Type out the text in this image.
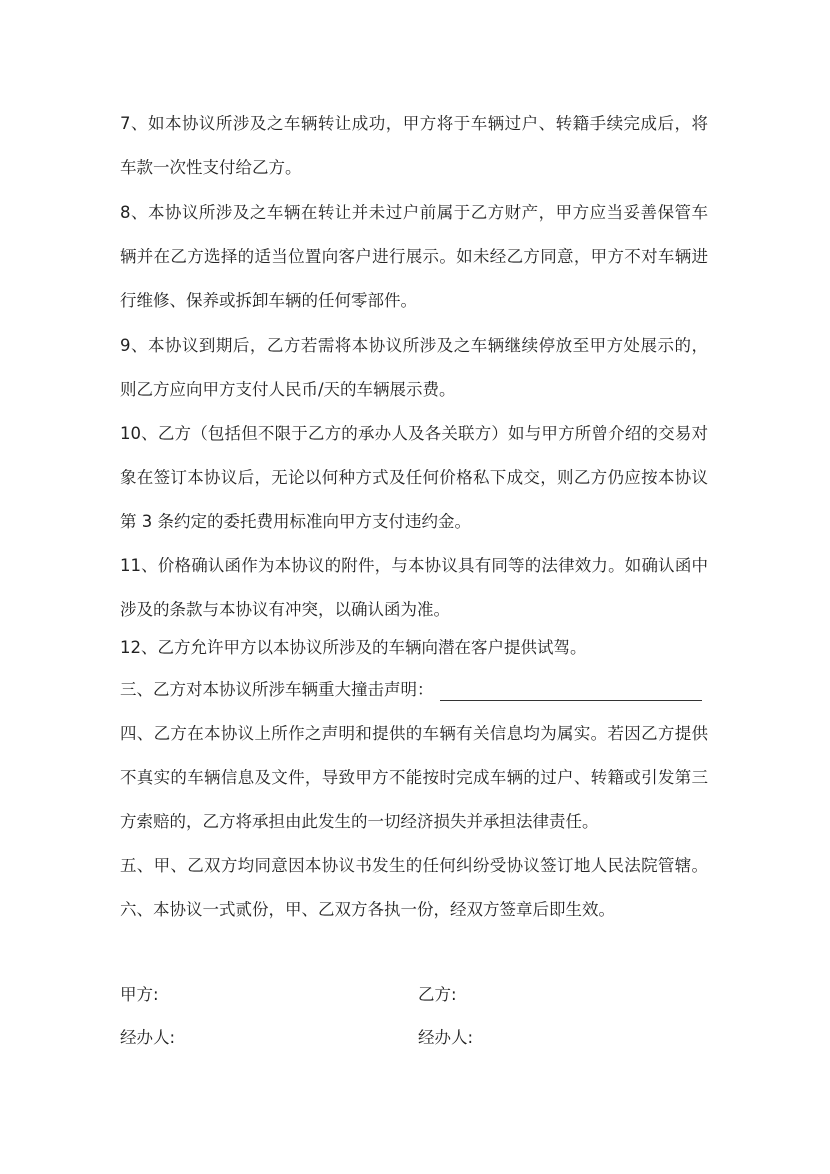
7、如本协议所涉及之车辆转让成功，甲方将于车辆过户、转籍手续完成后，将
车款一次性支付给乙方。
8、本协议所涉及之车辆在转让并未过户前属于乙方财产，甲方应当妥善保管车
辆并在乙方选择的适当位置向客户进行展示。如未经乙方同意，甲方不对车辆进
行维修、保养或拆卸车辆的任何零部件。
9、本协议到期后，乙方若需将本协议所涉及之车辆继续停放至甲方处展示的，
则乙方应向甲方支付人民币/天的车辆展示费。
10、乙方（包括但不限于乙方的承办人及各关联方）如与甲方所曾介绍的交易对
象在签订本协议后，无论以何种方式及任何价格私下成交，则乙方仍应按本协议
第 3 条约定的委托费用标准向甲方支付违约金。
11、价格确认函作为本协议的附件，与本协议具有同等的法律效力。如确认函中
涉及的条款与本协议有冲突，以确认函为准。
12、乙方允许甲方以本协议所涉及的车辆向潜在客户提供试驾。
三、乙方对本协议所涉车辆重大撞击声明：
四、乙方在本协议上所作之声明和提供的车辆有关信息均为属实。若因乙方提供
不真实的车辆信息及文件，导致甲方不能按时完成车辆的过户、转籍或引发第三
方索赔的，乙方将承担由此发生的一切经济损失并承担法律责任。
五、甲、乙双方均同意因本协议书发生的任何纠纷受协议签订地人民法院管辖。
六、本协议一式贰份，甲、乙双方各执一份，经双方签章后即生效。
甲方:	乙方:
经办人:	经办人:
